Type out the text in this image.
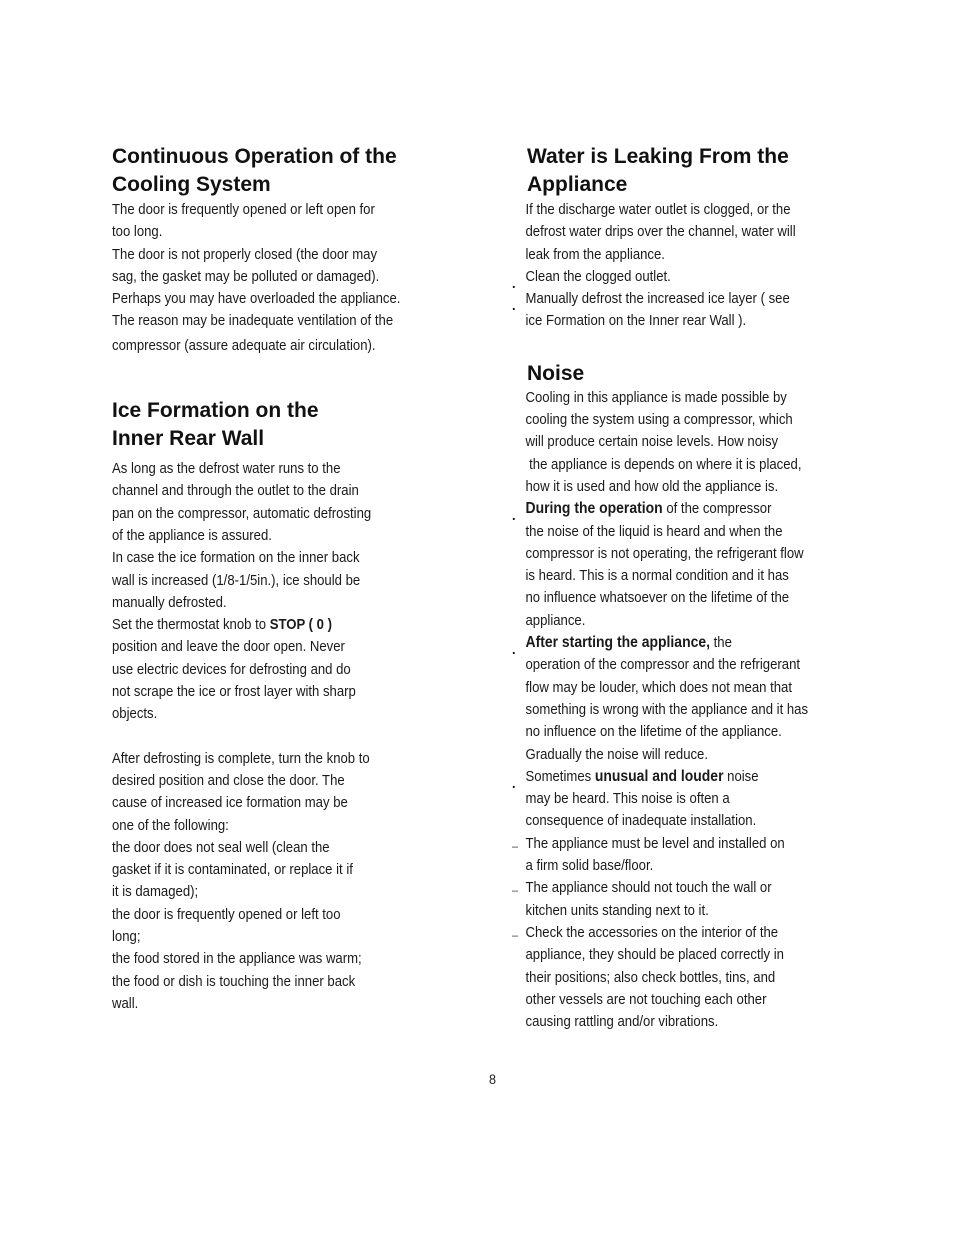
Continuous Operation of the
Cooling System
The door is frequently opened or left open for
too long.
The door is not properly closed (the door may
sag, the gasket may be polluted or damaged).
Perhaps you may have overloaded the appliance.
The reason may be inadequate ventilation of the
compressor (assure adequate air circulation).
Ice Formation on the
Inner Rear Wall
As long as the defrost water runs to the
channel and through the outlet to the drain
pan on the compressor, automatic defrosting
of the appliance is assured.
In case the ice formation on the inner back
wall is increased (1/8-1/5in.), ice should be
manually defrosted.
Set the thermostat knob to STOP ( 0 )
position and leave the door open. Never
use electric devices for defrosting and do
not scrape the ice or frost layer with sharp
objects.
After defrosting is complete, turn the knob to
desired position and close the door. The
cause of increased ice formation may be
one of the following:
the door does not seal well (clean the
gasket if it is contaminated, or replace it if
it is damaged);
the door is frequently opened or left too
long;
the food stored in the appliance was warm;
the food or dish is touching the inner back
wall.
Water is Leaking From the
Appliance
If the discharge water outlet is clogged, or the
defrost water drips over the channel, water will
leak from the appliance.
. Clean the clogged outlet.
. Manually defrost the increased ice layer ( see
ice Formation on the Inner rear Wall ).
Noise
Cooling in this appliance is made possible by
cooling the system using a compressor, which
will produce certain noise levels. How noisy
the appliance is depends on where it is placed,
how it is used and how old the appliance is.
. During the operation of the compressor
the noise of the liquid is heard and when the
compressor is not operating, the refrigerant flow
is heard. This is a normal condition and it has
no influence whatsoever on the lifetime of the
appliance.
. After starting the appliance, the
operation of the compressor and the refrigerant
flow may be louder, which does not mean that
something is wrong with the appliance and it has
no influence on the lifetime of the appliance.
Gradually the noise will reduce.
. Sometimes unusual and louder noise
may be heard. This noise is often a
consequence of inadequate installation.
– The appliance must be level and installed on
a firm solid base/floor.
– The appliance should not touch the wall or
kitchen units standing next to it.
– Check the accessories on the interior of the
appliance, they should be placed correctly in
their positions; also check bottles, tins, and
other vessels are not touching each other
causing rattling and/or vibrations.
8
